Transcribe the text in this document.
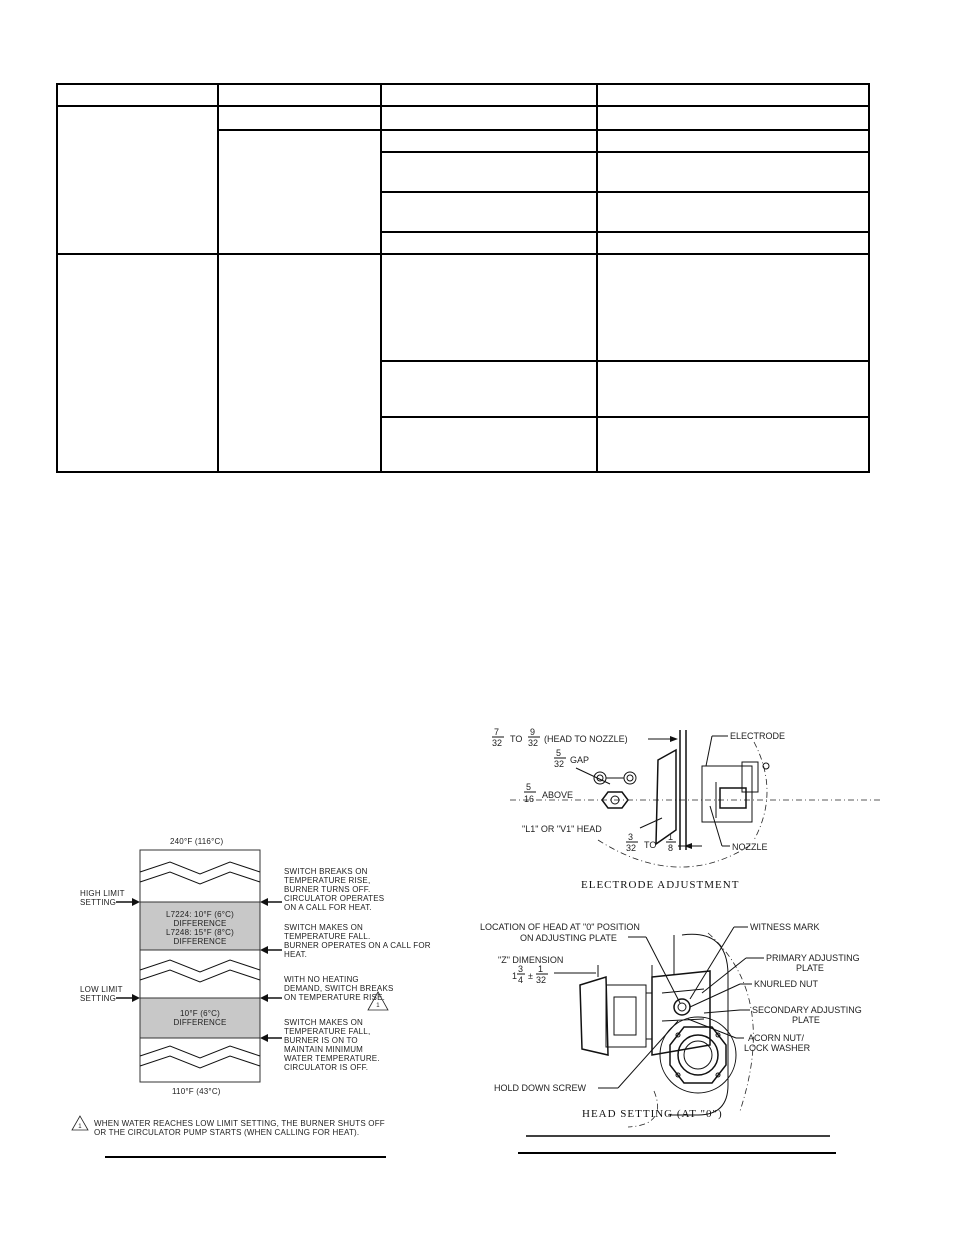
240°F (116°C)
L7224: 10°F (6°C)
DIFFERENCE
L7248: 15°F (8°C)
DIFFERENCE
10°F (6°C)
DIFFERENCE
110°F (43°C)
HIGH LIMIT
SETTING
LOW LIMIT
SETTING
SWITCH BREAKS ON
TEMPERATURE RISE,
BURNER TURNS OFF.
CIRCULATOR OPERATES
ON A CALL FOR HEAT.
SWITCH MAKES ON
TEMPERATURE FALL.
BURNER OPERATES ON A CALL FOR
HEAT.
WITH NO HEATING
DEMAND, SWITCH BREAKS
ON TEMPERATURE RISE.
1
SWITCH MAKES ON
TEMPERATURE FALL,
BURNER IS ON TO
MAINTAIN MINIMUM
WATER TEMPERATURE.
CIRCULATOR IS OFF.
1 WHEN WATER REACHES LOW LIMIT SETTING, THE BURNER SHUTS OFF
OR THE CIRCULATOR PUMP STARTS (WHEN CALLING FOR HEAT).
7
32 TO
9
32 (HEAD TO NOZZLE)
5
32 GAP
5
16 ABOVE
"L1" OR "V1" HEAD
ELECTRODE
NOZZLE
3
32 TO
1
8
ELECTRODE ADJUSTMENT
LOCATION OF HEAD AT "0" POSITION
ON ADJUSTING PLATE
"Z" DIMENSION
1
3
4 ±
1
32
WITNESS MARK
PRIMARY ADJUSTING
PLATE
KNURLED NUT
SECONDARY ADJUSTING
PLATE
ACORN NUT/
LOCK WASHER
HOLD DOWN SCREW
HEAD SETTING (AT "0")
